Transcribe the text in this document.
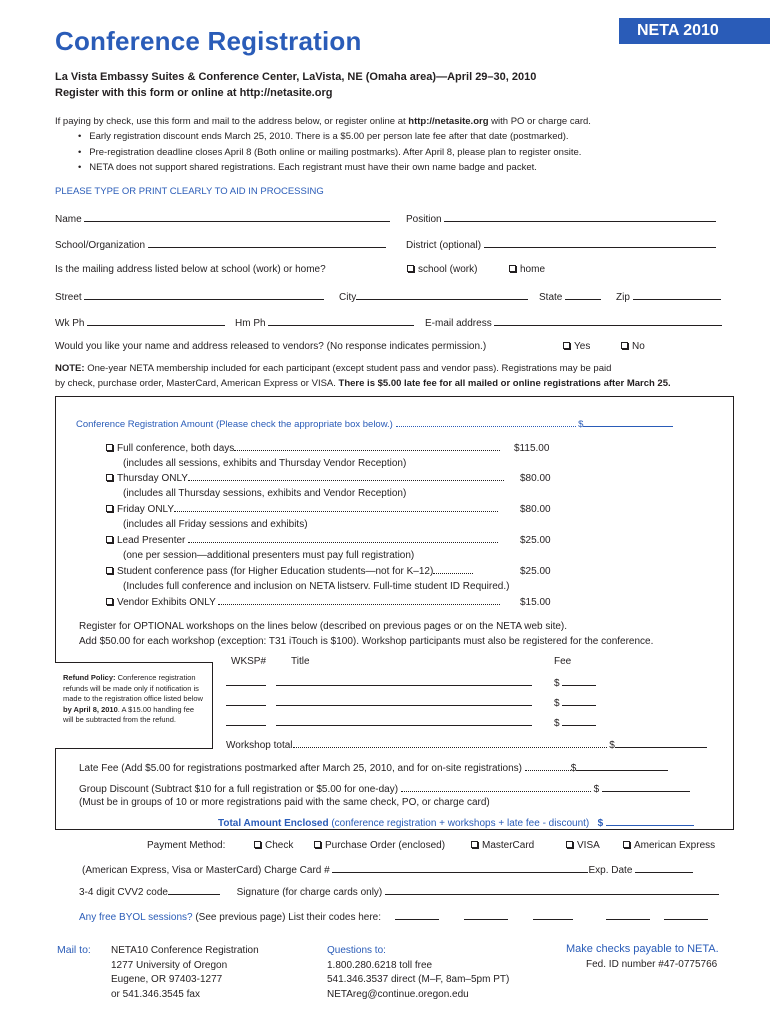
NETA 2010
Conference Registration
La Vista Embassy Suites & Conference Center, LaVista, NE (Omaha area)—April 29–30, 2010
Register with this form or online at http://netasite.org
If paying by check, use this form and mail to the address below, or register online at http://netasite.org with PO or charge card.
•   Early registration discount ends March 25, 2010. There is a $5.00 per person late fee after that date (postmarked).
•   Pre-registration deadline closes April 8 (Both online or mailing postmarks). After April 8, please plan to register onsite.
•   NETA does not support shared registrations. Each registrant must have their own name badge and packet.
PLEASE TYPE OR PRINT CLEARLY TO AID IN PROCESSING
Name	Position
School/Organization	District (optional)
Is the mailing address listed below at school (work) or home?	school (work)	home
Street	City	State	Zip
Wk Ph	Hm Ph	E-mail address
Would you like your name and address released to vendors? (No response indicates permission.)	Yes	No
NOTE: One-year NETA membership included for each participant (except student pass and vendor pass). Registrations may be paid
by check, purchase order, MasterCard, American Express or VISA. There is $5.00 late fee for all mailed or online registrations after March 25.
Conference Registration Amount (Please check the appropriate box below.)	$
Full conference, both days	$115.00
(includes all sessions, exhibits and Thursday Vendor Reception)
Thursday ONLY	$80.00
(includes all Thursday sessions, exhibits and Vendor Reception)
Friday ONLY	$80.00
(includes all Friday sessions and exhibits)
Lead Presenter	$25.00
(one per session—additional presenters must pay full registration)
Student conference pass (for Higher Education students—not for K–12)	$25.00
(Includes full conference and inclusion on NETA listserv. Full-time student ID Required.)
Vendor Exhibits ONLY	$15.00
Register for OPTIONAL workshops on the lines below (described on previous pages or on the NETA web site).
Add $50.00 for each workshop (exception: T31 iTouch is $100). Workshop participants must also be registered for the conference.
WKSP# Title	Fee
$
$
$
Workshop total	$
Refund Policy: Conference registration refunds will be made only if notification is made to the registration office listed below by April 8, 2010. A $15.00 handling fee will be subtracted from the refund.
Late Fee (Add $5.00 for registrations postmarked after March 25, 2010, and for on-site registrations)	$
Group Discount (Subtract $10 for a full registration or $5.00 for one-day)	$
(Must be in groups of 10 or more registrations paid with the same check, PO, or charge card)
Total Amount Enclosed (conference registration + workshops + late fee - discount) $
Payment Method:	Check	Purchase Order (enclosed)	MasterCard	VISA	American Express
(American Express, Visa or MasterCard) Charge Card #	Exp. Date
3-4 digit CVV2 code	Signature (for charge cards only)
Any free BYOL sessions? (See previous page) List their codes here:
Mail to: NETA10 Conference Registration
1277 University of Oregon
Eugene, OR 97403-1277
or 541.346.3545 fax
Questions to:
1.800.280.6218 toll free
541.346.3537 direct (M–F, 8am–5pm PT)
NETAreg@continue.oregon.edu
Make checks payable to NETA.
Fed. ID number #47-0775766
